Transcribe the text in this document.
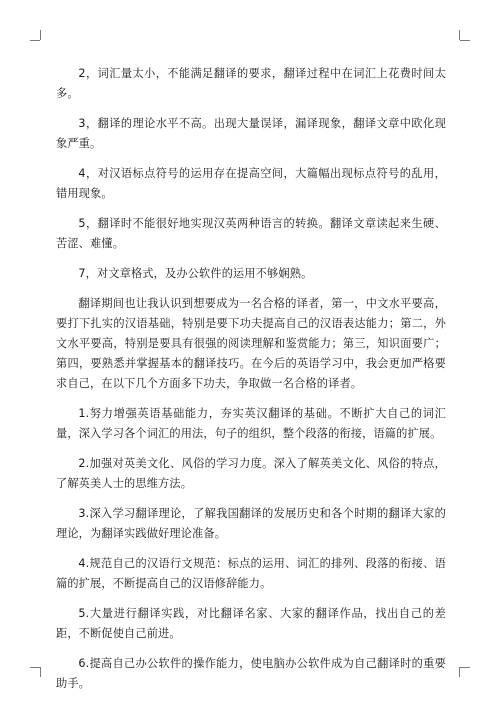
2，词汇量太小，不能满足翻译的要求，翻译过程中在词汇上花费时间太多。

3，翻译的理论水平不高。出现大量误译，漏译现象，翻译文章中欧化现象严重。

4，对汉语标点符号的运用存在提高空间，大篇幅出现标点符号的乱用，错用现象。

5，翻译时不能很好地实现汉英两种语言的转换。翻译文章读起来生硬、苦涩、难懂。

7，对文章格式，及办公软件的运用不够娴熟。

翻译期间也让我认识到想要成为一名合格的译者，第一，中文水平要高，要打下扎实的汉语基础，特别是要下功夫提高自己的汉语表达能力；第二，外文水平要高，特别是要具有很强的阅读理解和鉴赏能力；第三，知识面要广；第四，要熟悉并掌握基本的翻译技巧。在今后的英语学习中，我会更加严格要求自己，在以下几个方面多下功夫，争取做一名合格的译者。

1.努力增强英语基础能力，夯实英汉翻译的基础。不断扩大自己的词汇量，深入学习各个词汇的用法，句子的组织，整个段落的衔接，语篇的扩展。

2.加强对英美文化、风俗的学习力度。深入了解英美文化、风俗的特点，了解英美人士的思维方法。

3.深入学习翻译理论，了解我国翻译的发展历史和各个时期的翻译大家的理论，为翻译实践做好理论准备。

4.规范自己的汉语行文规范：标点的运用、词汇的排列、段落的衔接、语篇的扩展，不断提高自己的汉语修辞能力。

5.大量进行翻译实践，对比翻译名家、大家的翻译作品，找出自己的差距，不断促使自己前进。

6.提高自己办公软件的操作能力，使电脑办公软件成为自己翻译时的重要助手。
